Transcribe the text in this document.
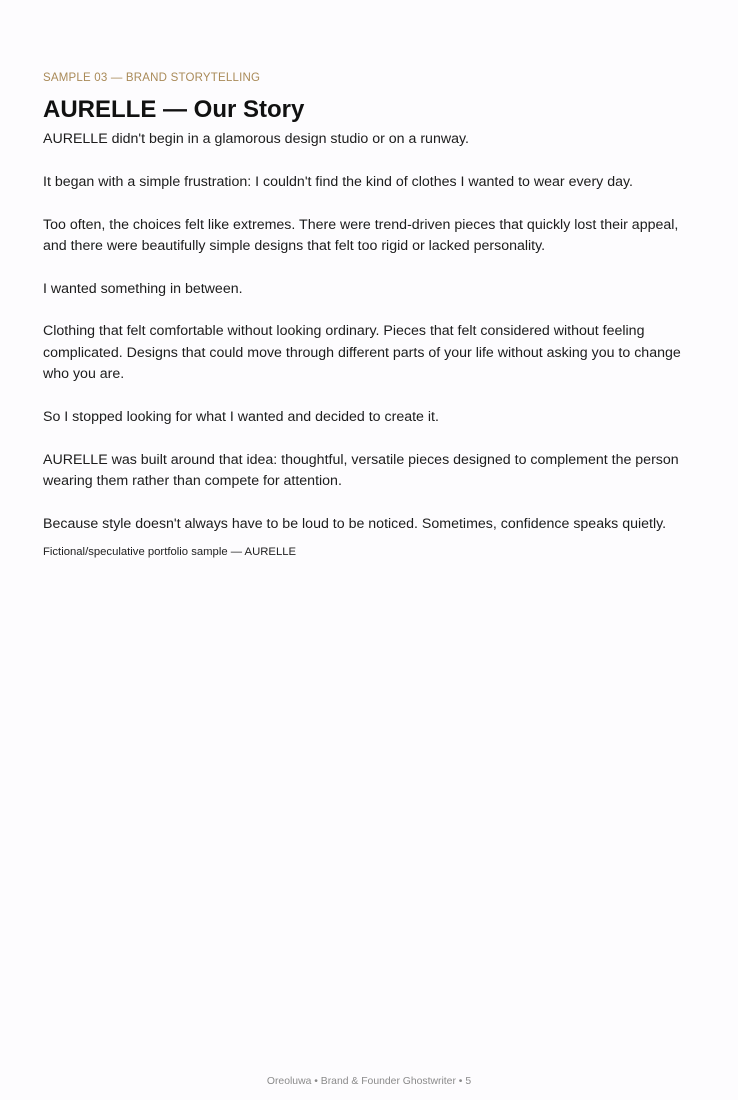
SAMPLE 03 — BRAND STORYTELLING

AURELLE — Our Story

AURELLE didn't begin in a glamorous design studio or on a runway.

It began with a simple frustration: I couldn't find the kind of clothes I wanted to wear every day.

Too often, the choices felt like extremes. There were trend-driven pieces that quickly lost their appeal, and there were beautifully simple designs that felt too rigid or lacked personality.

I wanted something in between.

Clothing that felt comfortable without looking ordinary. Pieces that felt considered without feeling complicated. Designs that could move through different parts of your life without asking you to change who you are.

So I stopped looking for what I wanted and decided to create it.

AURELLE was built around that idea: thoughtful, versatile pieces designed to complement the person wearing them rather than compete for attention.

Because style doesn't always have to be loud to be noticed. Sometimes, confidence speaks quietly.

Fictional/speculative portfolio sample — AURELLE
Oreoluwa • Brand & Founder Ghostwriter • 5
